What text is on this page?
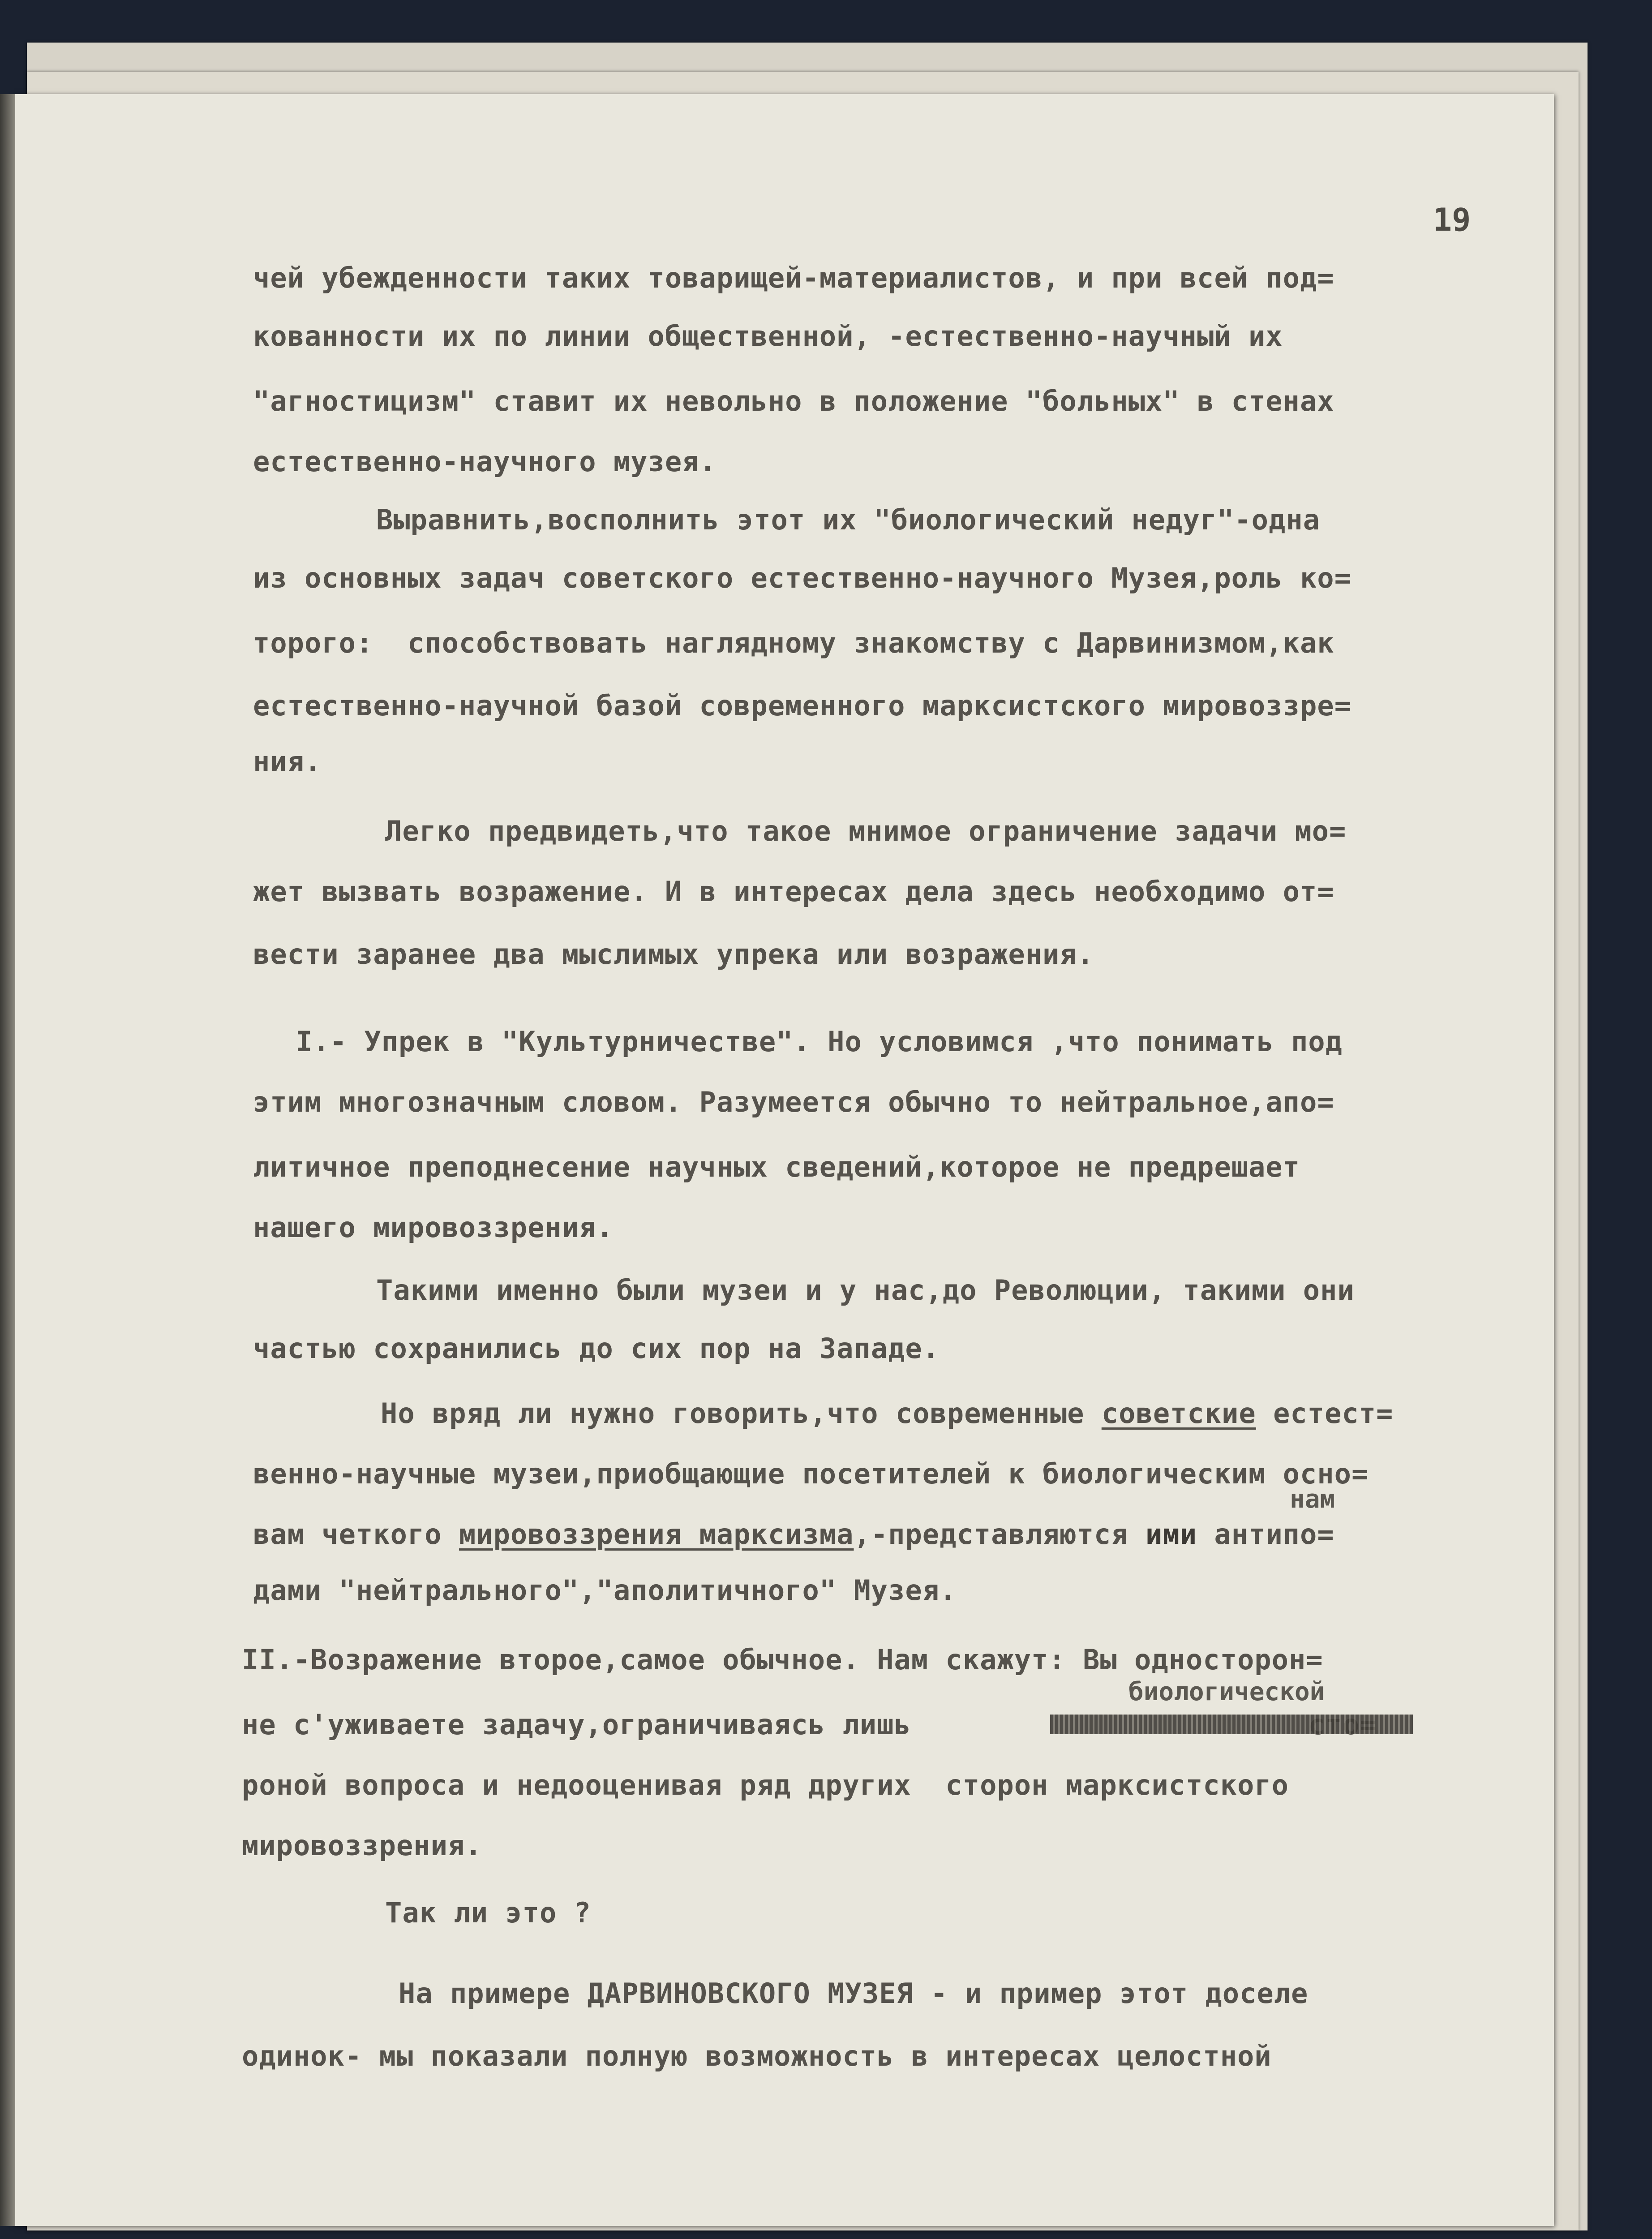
19
чей убежденности таких товарищей-материалистов, и при всей под=
кованности их по линии общественной, -естественно-научный их
"агностицизм" ставит их невольно в положение "больных" в стенах
естественно-научного музея.
Выравнить,восполнить этот их "биологический недуг"-одна
из основных задач советского естественно-научного Музея,роль ко=
торого:  способствовать наглядному знакомству с Дарвинизмом,как
естественно-научной базой современного марксистского мировоззре=
ния.
Легко предвидеть,что такое мнимое ограничение задачи мо=
жет вызвать возражение. И в интересах дела здесь необходимо от=
вести заранее два мыслимых упрека или возражения.
I.- Упрек в "Культурничестве". Но условимся ,что понимать под
этим многозначным словом. Разумеется обычно то нейтральное,апо=
литичное преподнесение научных сведений,которое не предрешает
нашего мировоззрения.
Такими именно были музеи и у нас,до Революции, такими они
частью сохранились до сих пор на Западе.
Но вряд ли нужно говорить,что современные советские естест=
венно-научные музеи,приобщающие посетителей к биологическим осно=
нам
вам четкого мировоззрения марксизма,-представляются ими антипо=
дами "нейтрального","аполитичного" Музея.
II.-Возражение второе,самое обычное. Нам скажут: Вы односторон=
биологической
не с'уживаете задачу,ограничиваясь лишь
роной вопроса и недооценивая ряд других  сторон марксистского
мировоззрения.
Так ли это ?
На примере ДАРВИНОВСКОГО МУЗЕЯ - и пример этот доселе
одинок- мы показали полную возможность в интересах целостной
